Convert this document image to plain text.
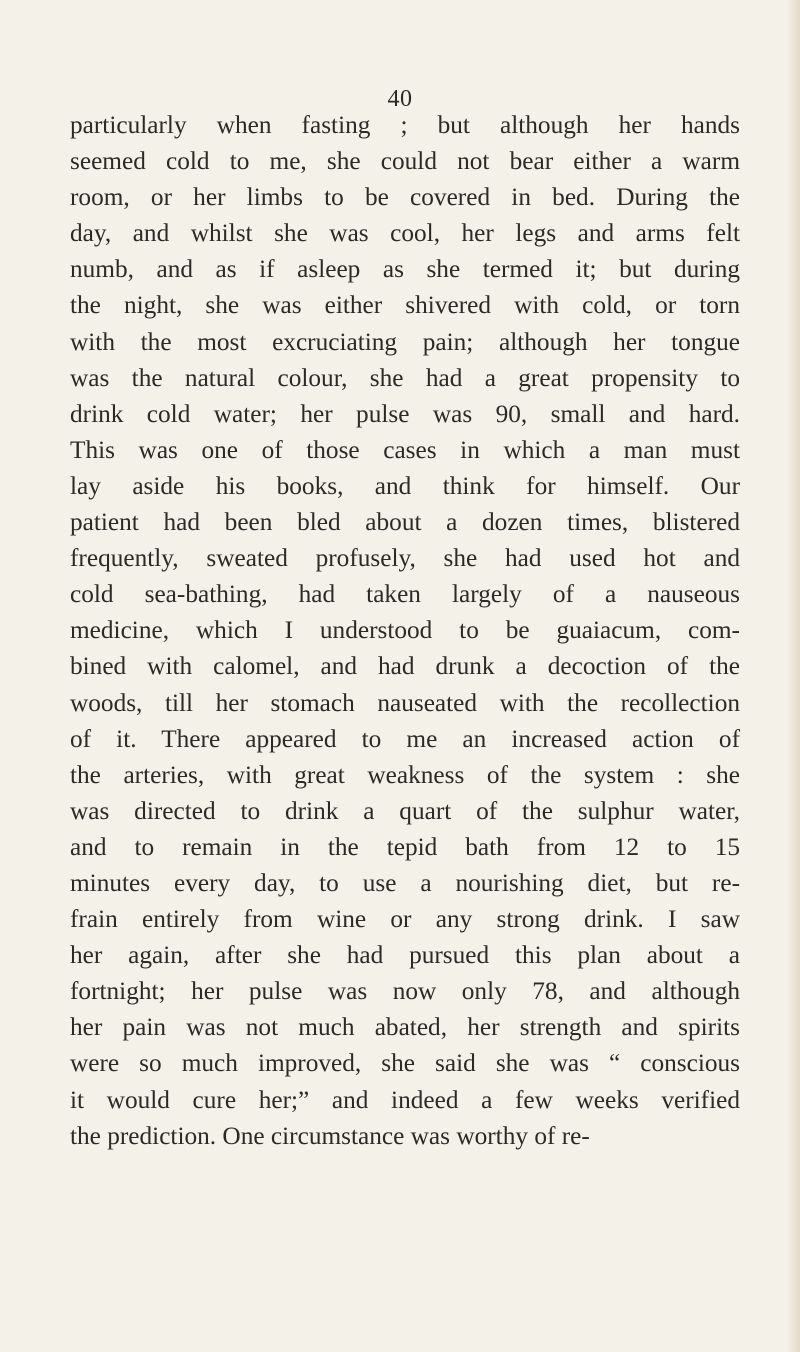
40
particularly when fasting ; but although her hands
seemed cold to me, she could not bear either a warm
room, or her limbs to be covered in bed. During the
day, and whilst she was cool, her legs and arms felt
numb, and as if asleep as she termed it; but during
the night, she was either shivered with cold, or torn
with the most excruciating pain; although her tongue
was the natural colour, she had a great propensity to
drink cold water; her pulse was 90, small and hard.
This was one of those cases in which a man must
lay aside his books, and think for himself. Our
patient had been bled about a dozen times, blistered
frequently, sweated profusely, she had used hot and
cold sea-bathing, had taken largely of a nauseous
medicine, which I understood to be guaiacum, com-
bined with calomel, and had drunk a decoction of the
woods, till her stomach nauseated with the recollection
of it. There appeared to me an increased action of
the arteries, with great weakness of the system : she
was directed to drink a quart of the sulphur water,
and to remain in the tepid bath from 12 to 15
minutes every day, to use a nourishing diet, but re-
frain entirely from wine or any strong drink. I saw
her again, after she had pursued this plan about a
fortnight; her pulse was now only 78, and although
her pain was not much abated, her strength and spirits
were so much improved, she said she was “ conscious
it would cure her;” and indeed a few weeks verified
the prediction. One circumstance was worthy of re-
